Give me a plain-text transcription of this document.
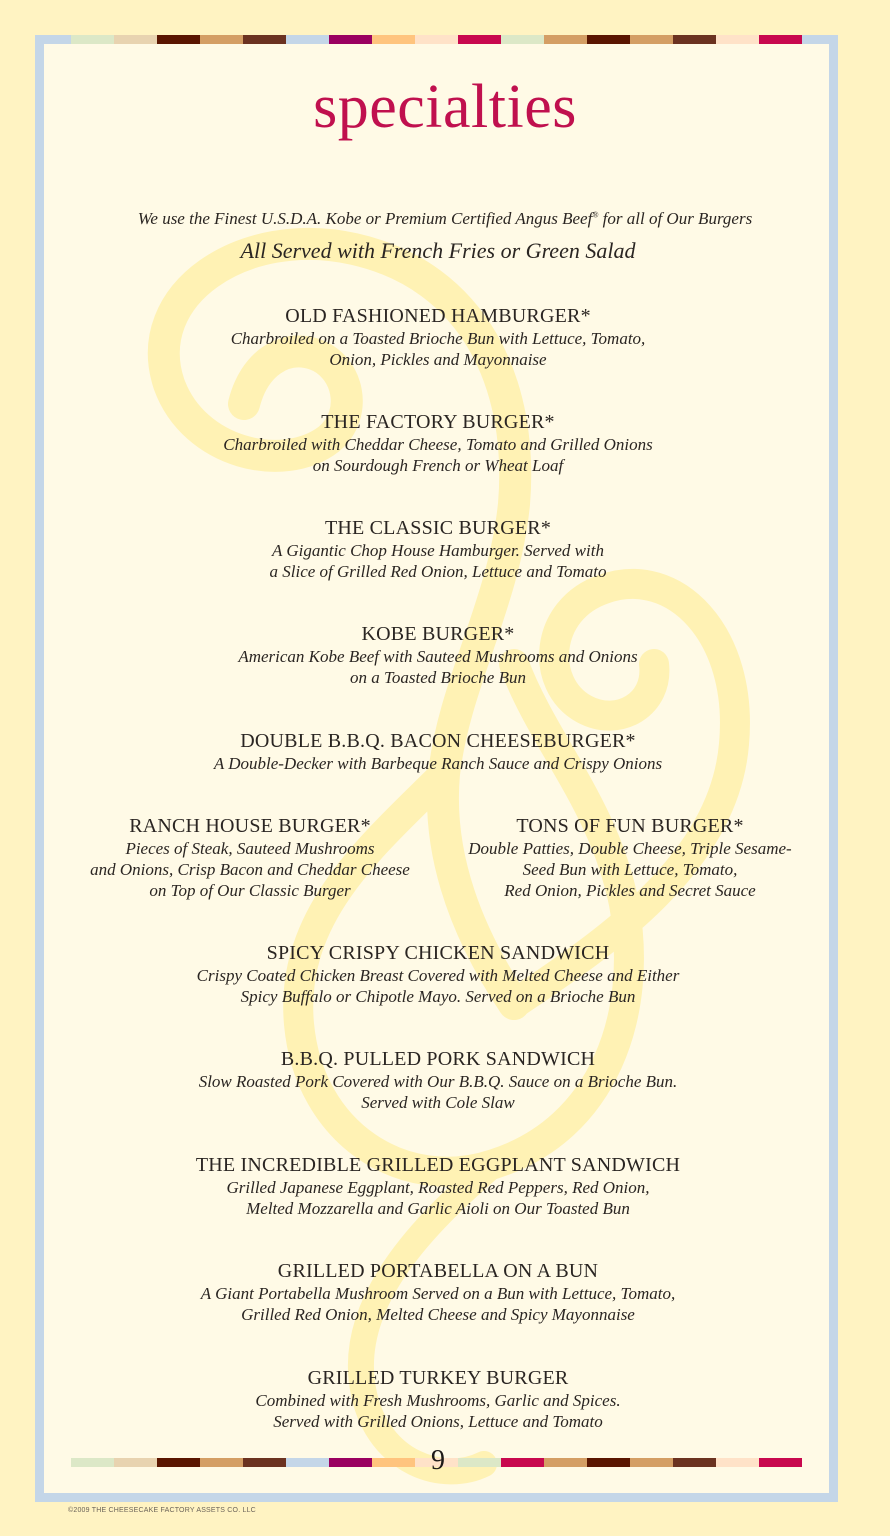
specialties
We use the Finest U.S.D.A. Kobe or Premium Certified Angus Beef® for all of Our Burgers
All Served with French Fries or Green Salad
OLD FASHIONED HAMBURGER*
Charbroiled on a Toasted Brioche Bun with Lettuce, Tomato,
Onion, Pickles and Mayonnaise
THE FACTORY BURGER*
Charbroiled with Cheddar Cheese, Tomato and Grilled Onions
on Sourdough French or Wheat Loaf
THE CLASSIC BURGER*
A Gigantic Chop House Hamburger. Served with
a Slice of Grilled Red Onion, Lettuce and Tomato
KOBE BURGER*
American Kobe Beef with Sauteed Mushrooms and Onions
on a Toasted Brioche Bun
DOUBLE B.B.Q. BACON CHEESEBURGER*
A Double-Decker with Barbeque Ranch Sauce and Crispy Onions
RANCH HOUSE BURGER*
Pieces of Steak, Sauteed Mushrooms
and Onions, Crisp Bacon and Cheddar Cheese
on Top of Our Classic Burger
TONS OF FUN BURGER*
Double Patties, Double Cheese, Triple Sesame-
Seed Bun with Lettuce, Tomato,
Red Onion, Pickles and Secret Sauce
SPICY CRISPY CHICKEN SANDWICH
Crispy Coated Chicken Breast Covered with Melted Cheese and Either
Spicy Buffalo or Chipotle Mayo. Served on a Brioche Bun
B.B.Q. PULLED PORK SANDWICH
Slow Roasted Pork Covered with Our B.B.Q. Sauce on a Brioche Bun.
Served with Cole Slaw
THE INCREDIBLE GRILLED EGGPLANT SANDWICH
Grilled Japanese Eggplant, Roasted Red Peppers, Red Onion,
Melted Mozzarella and Garlic Aioli on Our Toasted Bun
GRILLED PORTABELLA ON A BUN
A Giant Portabella Mushroom Served on a Bun with Lettuce, Tomato,
Grilled Red Onion, Melted Cheese and Spicy Mayonnaise
GRILLED TURKEY BURGER
Combined with Fresh Mushrooms, Garlic and Spices.
Served with Grilled Onions, Lettuce and Tomato
9
©2009 THE CHEESECAKE FACTORY ASSETS CO. LLC
